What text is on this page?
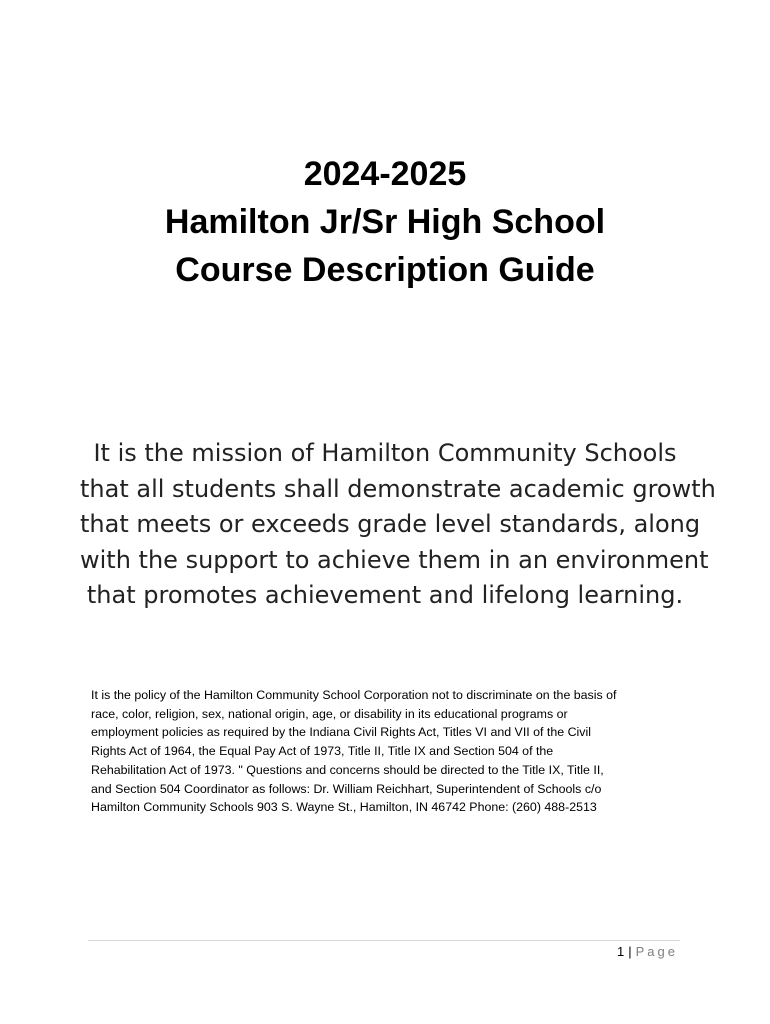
2024-2025
Hamilton Jr/Sr High School
Course Description Guide
It is the mission of Hamilton Community Schools
that all students shall demonstrate academic growth
that meets or exceeds grade level standards, along
with the support to achieve them in an environment
that promotes achievement and lifelong learning.
It is the policy of the Hamilton Community School Corporation not to discriminate on the basis of
race, color, religion, sex, national origin, age, or disability in its educational programs or
employment policies as required by the Indiana Civil Rights Act, Titles VI and VII of the Civil
Rights Act of 1964, the Equal Pay Act of 1973, Title II, Title IX and Section 504 of the
Rehabilitation Act of 1973. " Questions and concerns should be directed to the Title IX, Title II,
and Section 504 Coordinator as follows: Dr. William Reichhart, Superintendent of Schools c/o
Hamilton Community Schools 903 S. Wayne St., Hamilton, IN 46742 Phone: (260) 488-2513
1 | Page
